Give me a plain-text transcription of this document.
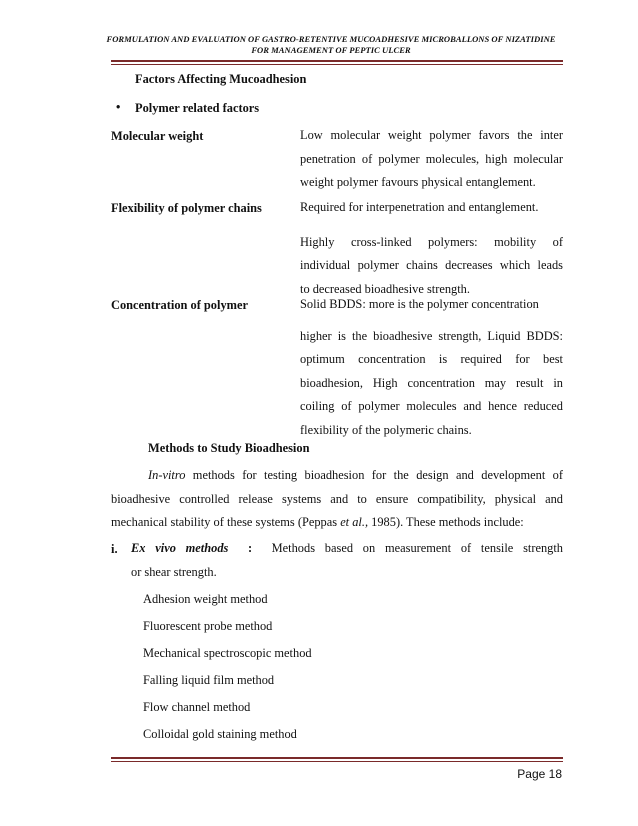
FORMULATION AND EVALUATION OF GASTRO-RETENTIVE MUCOADHESIVE MICROBALLONS OF NIZATIDINE
FOR MANAGEMENT OF PEPTIC ULCER
Factors Affecting Mucoadhesion
• Polymer related factors
Molecular weight	Low molecular weight polymer favors the inter
penetration of polymer molecules, high molecular
weight polymer favours physical entanglement.
Flexibility of polymer chains	Required for interpenetration and entanglement.
Highly cross-linked polymers: mobility of
individual polymer chains decreases which leads
to decreased bioadhesive strength.
Concentration of polymer	Solid BDDS: more is the polymer concentration
higher is the bioadhesive strength, Liquid BDDS:
optimum concentration is required for best
bioadhesion, High concentration may result in
coiling of polymer molecules and hence reduced
flexibility of the polymeric chains.
Methods to Study Bioadhesion
In-vitro methods for testing bioadhesion for the design and development of
bioadhesive controlled release systems and to ensure compatibility, physical and
mechanical stability of these systems (Peppas et al., 1985). These methods include:
i. Ex vivo methods : Methods based on measurement of tensile strength
or shear strength.
Adhesion weight method
Fluorescent probe method
Mechanical spectroscopic method
Falling liquid film method
Flow channel method
Colloidal gold staining method
Page 18
